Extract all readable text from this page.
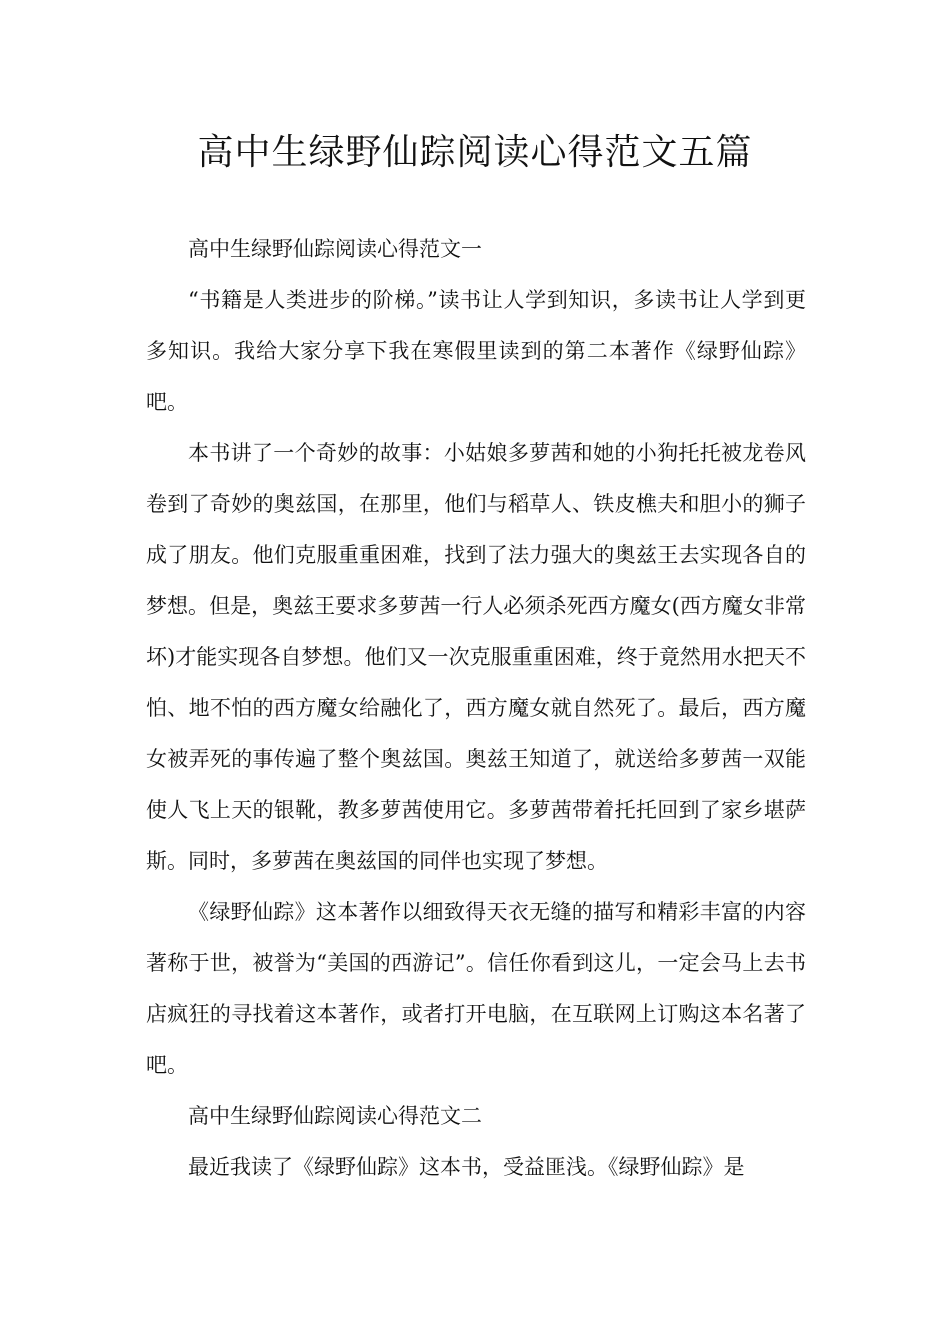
高中生绿野仙踪阅读心得范文五篇

高中生绿野仙踪阅读心得范文一

“书籍是人类进步的阶梯。”读书让人学到知识，多读书让人学到更多知识。我给大家分享下我在寒假里读到的第二本著作《绿野仙踪》吧。

本书讲了一个奇妙的故事：小姑娘多萝茜和她的小狗托托被龙卷风卷到了奇妙的奥兹国，在那里，他们与稻草人、铁皮樵夫和胆小的狮子成了朋友。他们克服重重困难，找到了法力强大的奥兹王去实现各自的梦想。但是，奥兹王要求多萝茜一行人必须杀死西方魔女(西方魔女非常坏)才能实现各自梦想。他们又一次克服重重困难，终于竟然用水把天不怕、地不怕的西方魔女给融化了，西方魔女就自然死了。最后，西方魔女被弄死的事传遍了整个奥兹国。奥兹王知道了，就送给多萝茜一双能使人飞上天的银靴，教多萝茜使用它。多萝茜带着托托回到了家乡堪萨斯。同时，多萝茜在奥兹国的同伴也实现了梦想。

《绿野仙踪》这本著作以细致得天衣无缝的描写和精彩丰富的内容著称于世，被誉为“美国的西游记”。信任你看到这儿，一定会马上去书店疯狂的寻找着这本著作，或者打开电脑，在互联网上订购这本名著了吧。

高中生绿野仙踪阅读心得范文二

最近我读了《绿野仙踪》这本书，受益匪浅。《绿野仙踪》是
